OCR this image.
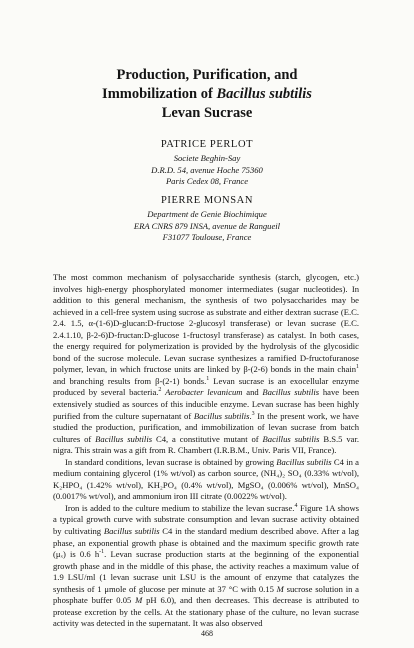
Production, Purification, and
Immobilization of Bacillus subtilis
Levan Sucrase
PATRICE PERLOT
Societe Beghin-Say
D.R.D. 54, avenue Hoche 75360
Paris Cedex 08, France
PIERRE MONSAN
Department de Genie Biochimique
ERA CNRS 879 INSA, avenue de Rangueil
F31077 Toulouse, France

The most common mechanism of polysaccharide synthesis (starch, glycogen, etc.) involves high-energy phosphorylated monomer intermediates (sugar nucleotides). In addition to this general mechanism, the synthesis of two polysaccharides may be achieved in a cell-free system using sucrose as substrate and either dextran sucrase (E.C. 2.4. 1.5, α-(1-6)D-glucan:D-fructose 2-glucosyl transferase) or levan sucrase (E.C. 2.4.1.10, β-2-6)D-fructan:D-glucose 1-fructosyl transferase) as catalyst. In both cases, the energy required for polymerization is provided by the hydrolysis of the glycosidic bond of the sucrose molecule. Levan sucrase synthesizes a ramified D-fructofuranose polymer, levan, in which fructose units are linked by β-(2-6) bonds in the main chain$^1$ and branching results from β-(2-1) bonds.$^1$ Levan sucrase is an exocellular enzyme produced by several bacteria.$^2$ Aerobacter levanicum and Bacillus subtilis have been extensively studied as sources of this inducible enzyme. Levan sucrase has been highly purified from the culture supernatant of Bacillus subtilis.$^3$ In the present work, we have studied the production, purification, and immobilization of levan sucrase from batch cultures of Bacillus subtilis C4, a constitutive mutant of Bacillus subtilis B.S.5 var. nigra. This strain was a gift from R. Chambert (I.R.B.M., Univ. Paris VII, France).

In standard conditions, levan sucrase is obtained by growing Bacillus subtilis C4 in a medium containing glycerol (1% wt/vol) as carbon source, (NH₄)₂ SO₄ (0.33% wt/vol), K₂HPO₄ (1.42% wt/vol), KH₂PO₄ (0.4% wt/vol), MgSO₄ (0.006% wt/vol), MnSO₄ (0.0017% wt/vol), and ammonium iron III citrate (0.0022% wt/vol).

Iron is added to the culture medium to stabilize the levan sucrase.$^4$ Figure 1A shows a typical growth curve with substrate consumption and levan sucrase activity obtained by cultivating Bacillus subtilis C4 in the standard medium described above. After a lag phase, an exponential growth phase is obtained and the maximum specific growth rate (μₓ) is 0.6 $h^{-1}$. Levan sucrase production starts at the beginning of the exponential growth phase and in the middle of this phase, the activity reaches a maximum value of 1.9 LSU/ml (1 levan sucrase unit LSU is the amount of enzyme that catalyzes the synthesis of 1 μmole of glucose per minute at 37 °C with 0.15 M sucrose solution in a phosphate buffer 0.05 M pH 6.0), and then decreases. This decrease is attributed to protease excretion by the cells. At the stationary phase of the culture, no levan sucrase activity was detected in the supernatant. It was also observed

468
